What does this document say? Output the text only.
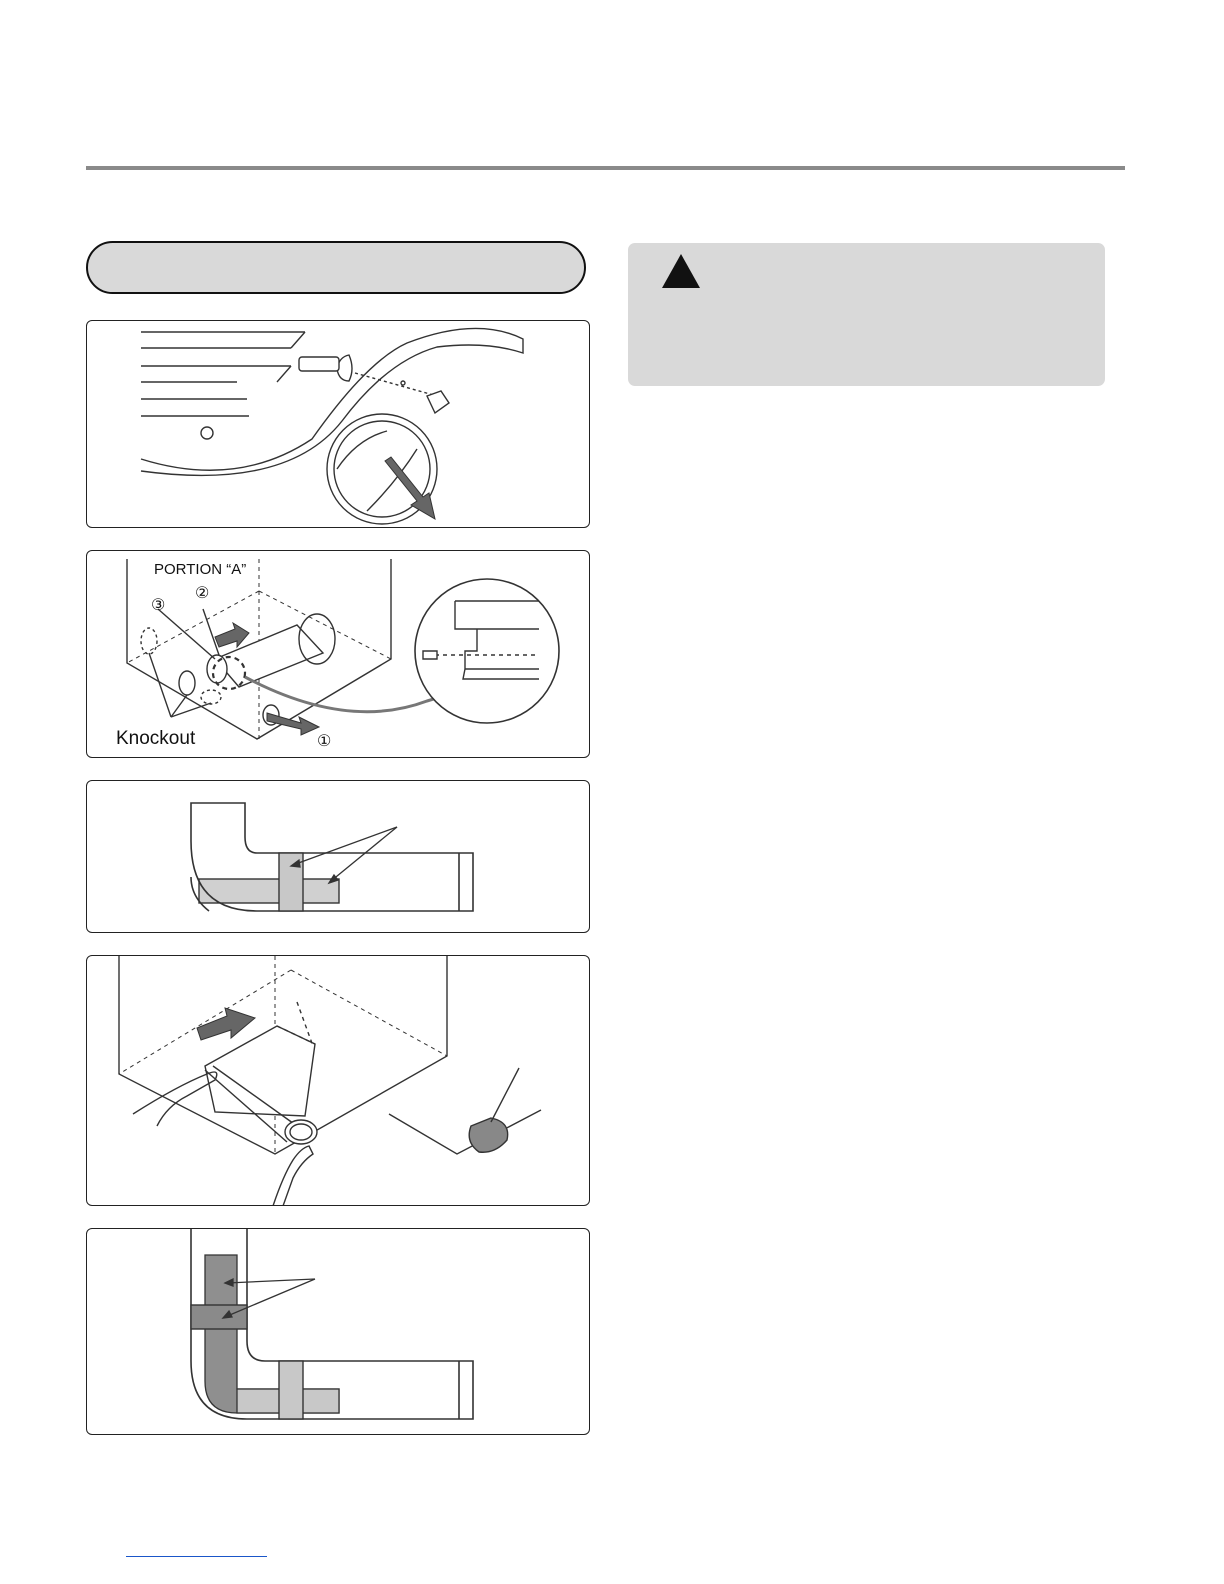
PORTION “A”
②
③
①
Knockout
